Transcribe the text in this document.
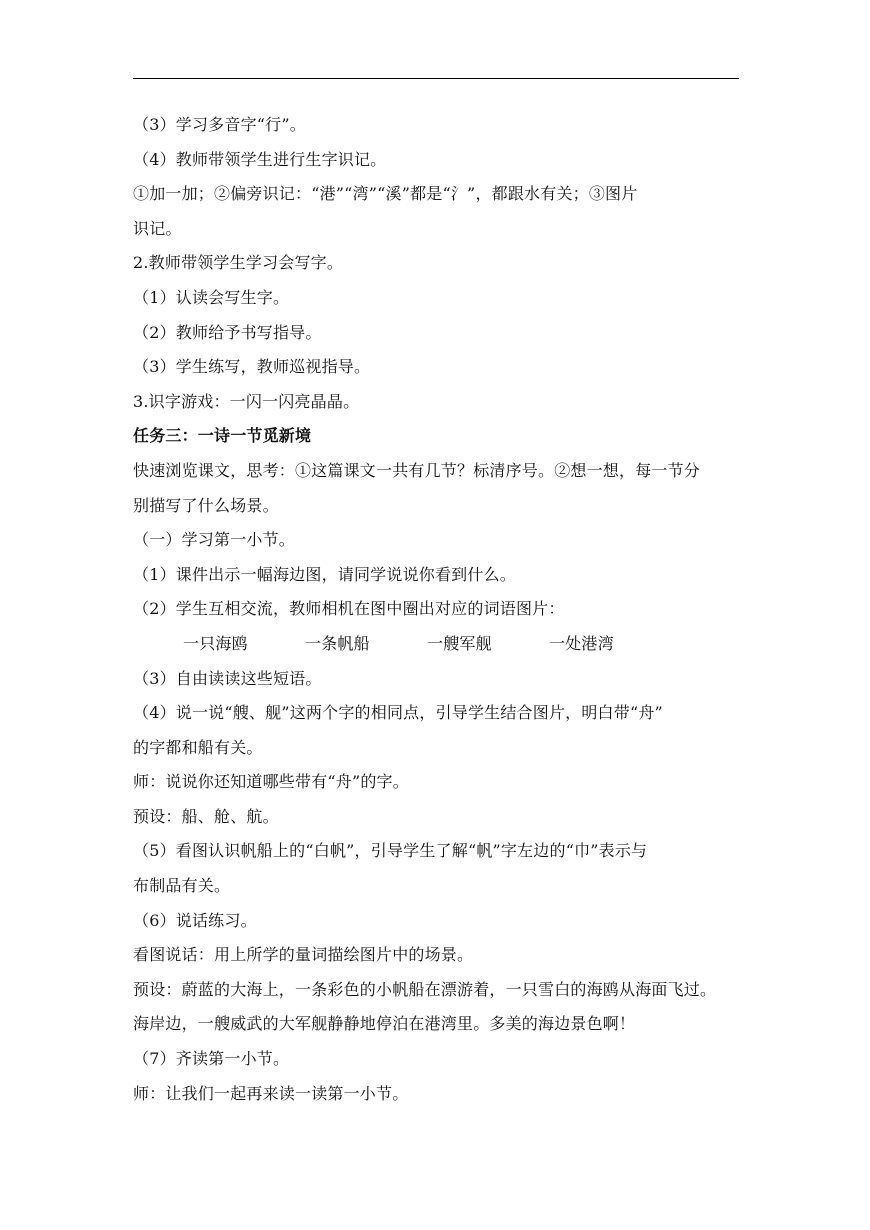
（3）学习多音字“行”。
（4）教师带领学生进行生字识记。
①加一加；②偏旁识记：“港”“湾”“溪”都是“氵”，都跟水有关；③图片
识记。
2.教师带领学生学习会写字。
（1）认读会写生字。
（2）教师给予书写指导。
（3）学生练写，教师巡视指导。
3.识字游戏：一闪一闪亮晶晶。
任务三：一诗一节觅新境
快速浏览课文，思考：①这篇课文一共有几节？标清序号。②想一想，每一节分
别描写了什么场景。
（一）学习第一小节。
（1）课件出示一幅海边图，请同学说说你看到什么。
（2）学生互相交流，教师相机在图中圈出对应的词语图片：
一只海鸥	一条帆船	一艘军舰	一处港湾
（3）自由读读这些短语。
（4）说一说“艘、舰”这两个字的相同点，引导学生结合图片，明白带“舟”
的字都和船有关。
师：说说你还知道哪些带有“舟”的字。
预设：船、舱、航。
（5）看图认识帆船上的“白帆”，引导学生了解“帆”字左边的“巾”表示与
布制品有关。
（6）说话练习。
看图说话：用上所学的量词描绘图片中的场景。
预设：蔚蓝的大海上，一条彩色的小帆船在漂游着，一只雪白的海鸥从海面飞过。
海岸边，一艘威武的大军舰静静地停泊在港湾里。多美的海边景色啊！
（7）齐读第一小节。
师：让我们一起再来读一读第一小节。
